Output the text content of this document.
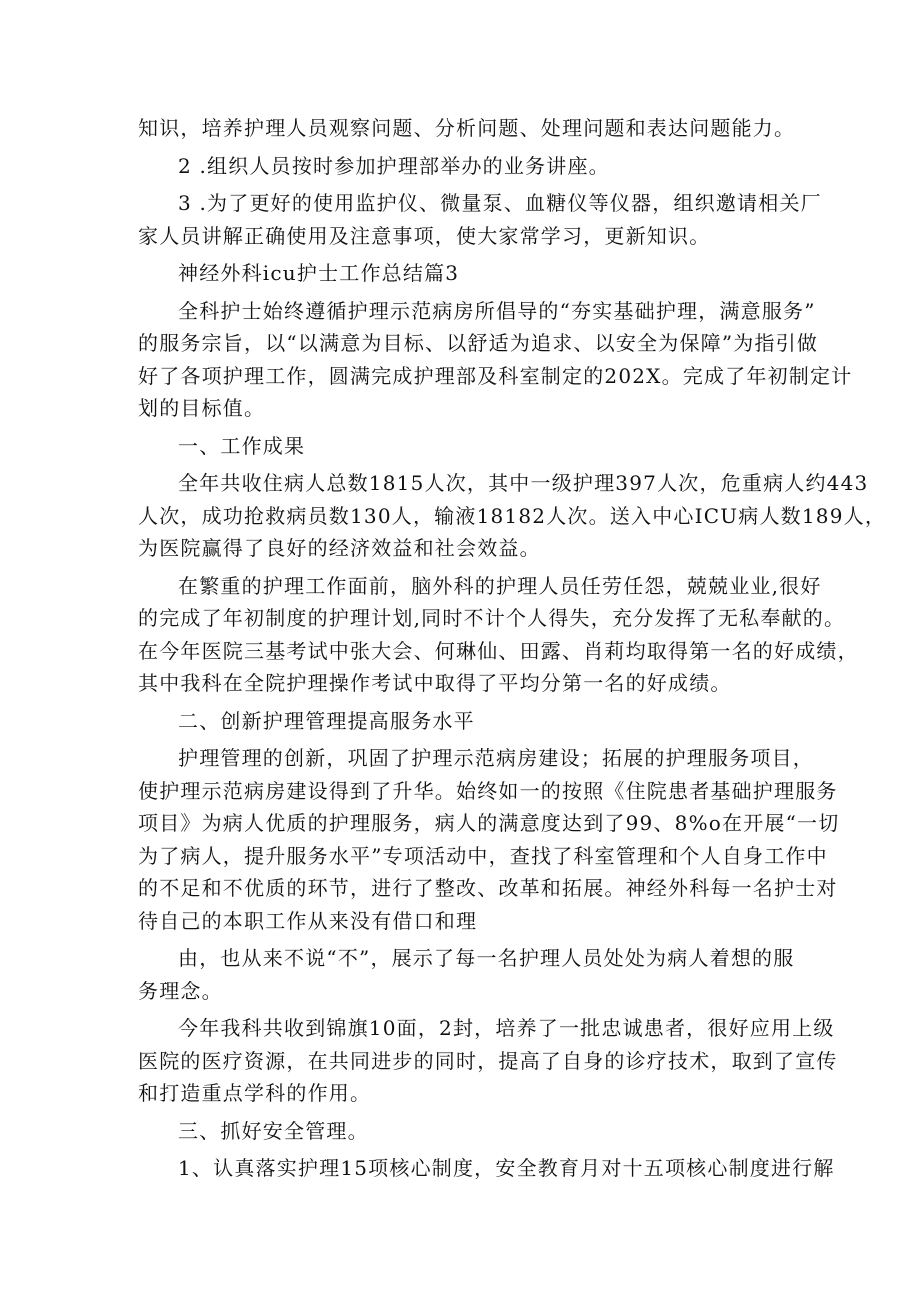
知识，培养护理人员观察问题、分析问题、处理问题和表达问题能力。
2 .组织人员按时参加护理部举办的业务讲座。
3 .为了更好的使用监护仪、微量泵、血糖仪等仪器，组织邀请相关厂
家人员讲解正确使用及注意事项，使大家常学习，更新知识。
神经外科icu护士工作总结篇3
全科护士始终遵循护理示范病房所倡导的“夯实基础护理，满意服务”
的服务宗旨，以“以满意为目标、以舒适为追求、以安全为保障”为指引做
好了各项护理工作，圆满完成护理部及科室制定的202X。完成了年初制定计
划的目标值。
一、工作成果
全年共收住病人总数1815人次，其中一级护理397人次，危重病人约443
人次，成功抢救病员数130人，输液18182人次。送入中心ICU病人数189人，
为医院赢得了良好的经济效益和社会效益。
在繁重的护理工作面前，脑外科的护理人员任劳任怨，兢兢业业,很好
的完成了年初制度的护理计划,同时不计个人得失，充分发挥了无私奉献的。
在今年医院三基考试中张大会、何琳仙、田露、肖莉均取得第一名的好成绩，
其中我科在全院护理操作考试中取得了平均分第一名的好成绩。
二、创新护理管理提高服务水平
护理管理的创新，巩固了护理示范病房建设；拓展的护理服务项目，
使护理示范病房建设得到了升华。始终如一的按照《住院患者基础护理服务
项目》为病人优质的护理服务，病人的满意度达到了99、8%o在开展“一切
为了病人，提升服务水平”专项活动中，查找了科室管理和个人自身工作中
的不足和不优质的环节，进行了整改、改革和拓展。神经外科每一名护士对
待自己的本职工作从来没有借口和理
由，也从来不说“不”，展示了每一名护理人员处处为病人着想的服
务理念。
今年我科共收到锦旗10面，2封，培养了一批忠诚患者，很好应用上级
医院的医疗资源，在共同进步的同时，提高了自身的诊疗技术，取到了宣传
和打造重点学科的作用。
三、抓好安全管理。
1、认真落实护理15项核心制度，安全教育月对十五项核心制度进行解
